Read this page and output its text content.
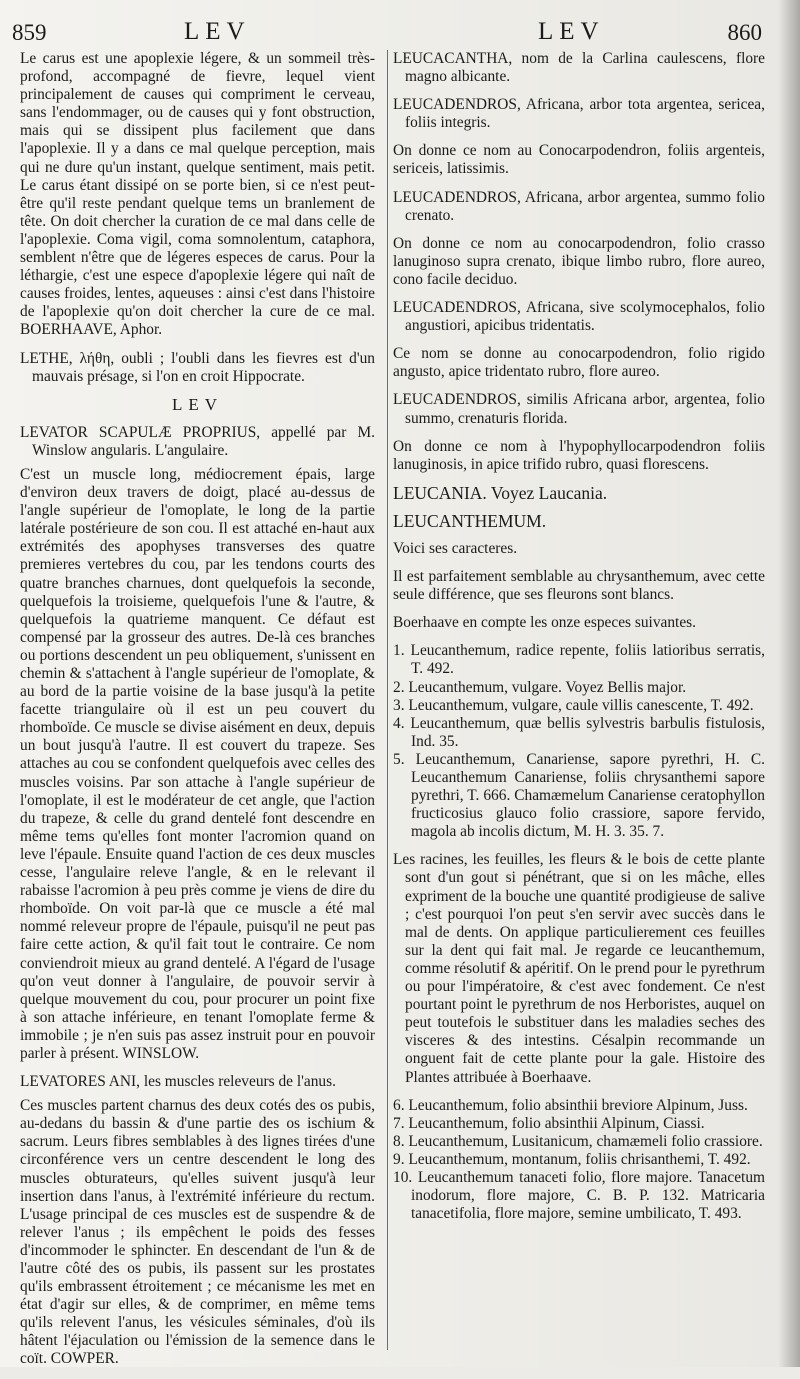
859	LEV	LEV	860

Le carus est une apoplexie légere, & un sommeil très-profond, accompagné de fievre, lequel vient principalement de causes qui compriment le cerveau, sans l'endommager, ou de causes qui y font obstruction, mais qui se dissipent plus facilement que dans l'apoplexie. Il y a dans ce mal quelque perception, mais qui ne dure qu'un instant, quelque sentiment, mais petit. Le carus étant dissipé on se porte bien, si ce n'est peut-être qu'il reste pendant quelque tems un branlement de tête. On doit chercher la curation de ce mal dans celle de l'apoplexie. Coma vigil, coma somnolentum, cataphora, semblent n'être que de légeres especes de carus. Pour la léthargie, c'est une espece d'apoplexie légere qui naît de causes froides, lentes, aqueuses : ainsi c'est dans l'histoire de l'apoplexie qu'on doit chercher la cure de ce mal. BOERHAAVE, Aphor.

LETHE, λήθη, oubli ; l'oubli dans les fievres est d'un mauvais présage, si l'on en croit Hippocrate.

LEV

LEVATOR SCAPULÆ PROPRIUS, appellé par M. Winslow angularis. L'angulaire.

C'est un muscle long, médiocrement épais, large d'environ deux travers de doigt, placé au-dessus de l'angle supérieur de l'omoplate, le long de la partie latérale postérieure de son cou. Il est attaché en-haut aux extrémités des apophyses transverses des quatre premieres vertebres du cou, par les tendons courts des quatre branches charnues, dont quelquefois la seconde, quelquefois la troisieme, quelquefois l'une & l'autre, & quelquefois la quatrieme manquent. Ce défaut est compensé par la grosseur des autres. De-là ces branches ou portions descendent un peu obliquement, s'unissent en chemin & s'attachent à l'angle supérieur de l'omoplate, & au bord de la partie voisine de la base jusqu'à la petite facette triangulaire où il est un peu couvert du rhomboïde. Ce muscle se divise aisément en deux, depuis un bout jusqu'à l'autre. Il est couvert du trapeze. Ses attaches au cou se confondent quelquefois avec celles des muscles voisins. Par son attache à l'angle supérieur de l'omoplate, il est le modérateur de cet angle, que l'action du trapeze, & celle du grand dentelé font descendre en même tems qu'elles font monter l'acromion quand on leve l'épaule. Ensuite quand l'action de ces deux muscles cesse, l'angulaire releve l'angle, & en le relevant il rabaisse l'acromion à peu près comme je viens de dire du rhomboïde. On voit par-là que ce muscle a été mal nommé releveur propre de l'épaule, puisqu'il ne peut pas faire cette action, & qu'il fait tout le contraire. Ce nom conviendroit mieux au grand dentelé. A l'égard de l'usage qu'on veut donner à l'angulaire, de pouvoir servir à quelque mouvement du cou, pour procurer un point fixe à son attache inférieure, en tenant l'omoplate ferme & immobile ; je n'en suis pas assez instruit pour en pouvoir parler à présent. WINSLOW.

LEVATORES ANI, les muscles releveurs de l'anus.

Ces muscles partent charnus des deux cotés des os pubis, au-dedans du bassin & d'une partie des os ischium & sacrum. Leurs fibres semblables à des lignes tirées d'une circonférence vers un centre descendent le long des muscles obturateurs, qu'elles suivent jusqu'à leur insertion dans l'anus, à l'extrémité inférieure du rectum. L'usage principal de ces muscles est de suspendre & de relever l'anus ; ils empêchent le poids des fesses d'incommoder le sphincter. En descendant de l'un & de l'autre côté des os pubis, ils passent sur les prostates qu'ils embrassent étroitement ; ce mécanisme les met en état d'agir sur elles, & de comprimer, en même tems qu'ils relevent l'anus, les vésicules séminales, d'où ils hâtent l'éjaculation ou l'émission de la semence dans le coït. COWPER.

LEUCACANTHA, nom de la Carlina caulescens, flore magno albicante.

LEUCADENDROS, Africana, arbor tota argentea, sericea, foliis integris.

On donne ce nom au Conocarpodendron, foliis argenteis, sericeis, latissimis.

LEUCADENDROS, Africana, arbor argentea, summo folio crenato.

On donne ce nom au conocarpodendron, folio crasso lanuginoso supra crenato, ibique limbo rubro, flore aureo, cono facile deciduo.

LEUCADENDROS, Africana, sive scolymocephalos, folio angustiori, apicibus tridentatis.

Ce nom se donne au conocarpodendron, folio rigido angusto, apice tridentato rubro, flore aureo.

LEUCADENDROS, similis Africana arbor, argentea, folio summo, crenaturis florida.

On donne ce nom à l'hypophyllocarpodendron foliis lanuginosis, in apice trifido rubro, quasi florescens.

LEUCANIA. Voyez Laucania.

LEUCANTHEMUM.

Voici ses caracteres.

Il est parfaitement semblable au chrysanthemum, avec cette seule différence, que ses fleurons sont blancs.

Boerhaave en compte les onze especes suivantes.

1. Leucanthemum, radice repente, foliis latioribus serratis, T. 492.
2. Leucanthemum, vulgare. Voyez Bellis major.
3. Leucanthemum, vulgare, caule villis canescente, T. 492.
4. Leucanthemum, quæ bellis sylvestris barbulis fistulosis, Ind. 35.
5. Leucanthemum, Canariense, sapore pyrethri, H. C. Leucanthemum Canariense, foliis chrysanthemi sapore pyrethri, T. 666. Chamæmelum Canariense ceratophyllon fructicosius glauco folio crassiore, sapore fervido, magola ab incolis dictum, M. H. 3. 35. 7.

Les racines, les feuilles, les fleurs & le bois de cette plante sont d'un gout si pénétrant, que si on les mâche, elles expriment de la bouche une quantité prodigieuse de salive ; c'est pourquoi l'on peut s'en servir avec succès dans le mal de dents. On applique particulierement ces feuilles sur la dent qui fait mal. Je regarde ce leucanthemum, comme résolutif & apéritif. On le prend pour le pyrethrum ou pour l'impératoire, & c'est avec fondement. Ce n'est pourtant point le pyrethrum de nos Herboristes, auquel on peut toutefois le substituer dans les maladies seches des visceres & des intestins. Césalpin recommande un onguent fait de cette plante pour la gale. Histoire des Plantes attribuée à Boerhaave.

6. Leucanthemum, folio absinthii breviore Alpinum, Juss.
7. Leucanthemum, folio absinthii Alpinum, Ciassi.
8. Leucanthemum, Lusitanicum, chamæmeli folio crassiore.
9. Leucanthemum, montanum, foliis chrisanthemi, T. 492.
10. Leucanthemum tanaceti folio, flore majore. Tanacetum inodorum, flore majore, C. B. P. 132. Matricaria tanacetifolia, flore majore, semine umbilicato, T. 493.
